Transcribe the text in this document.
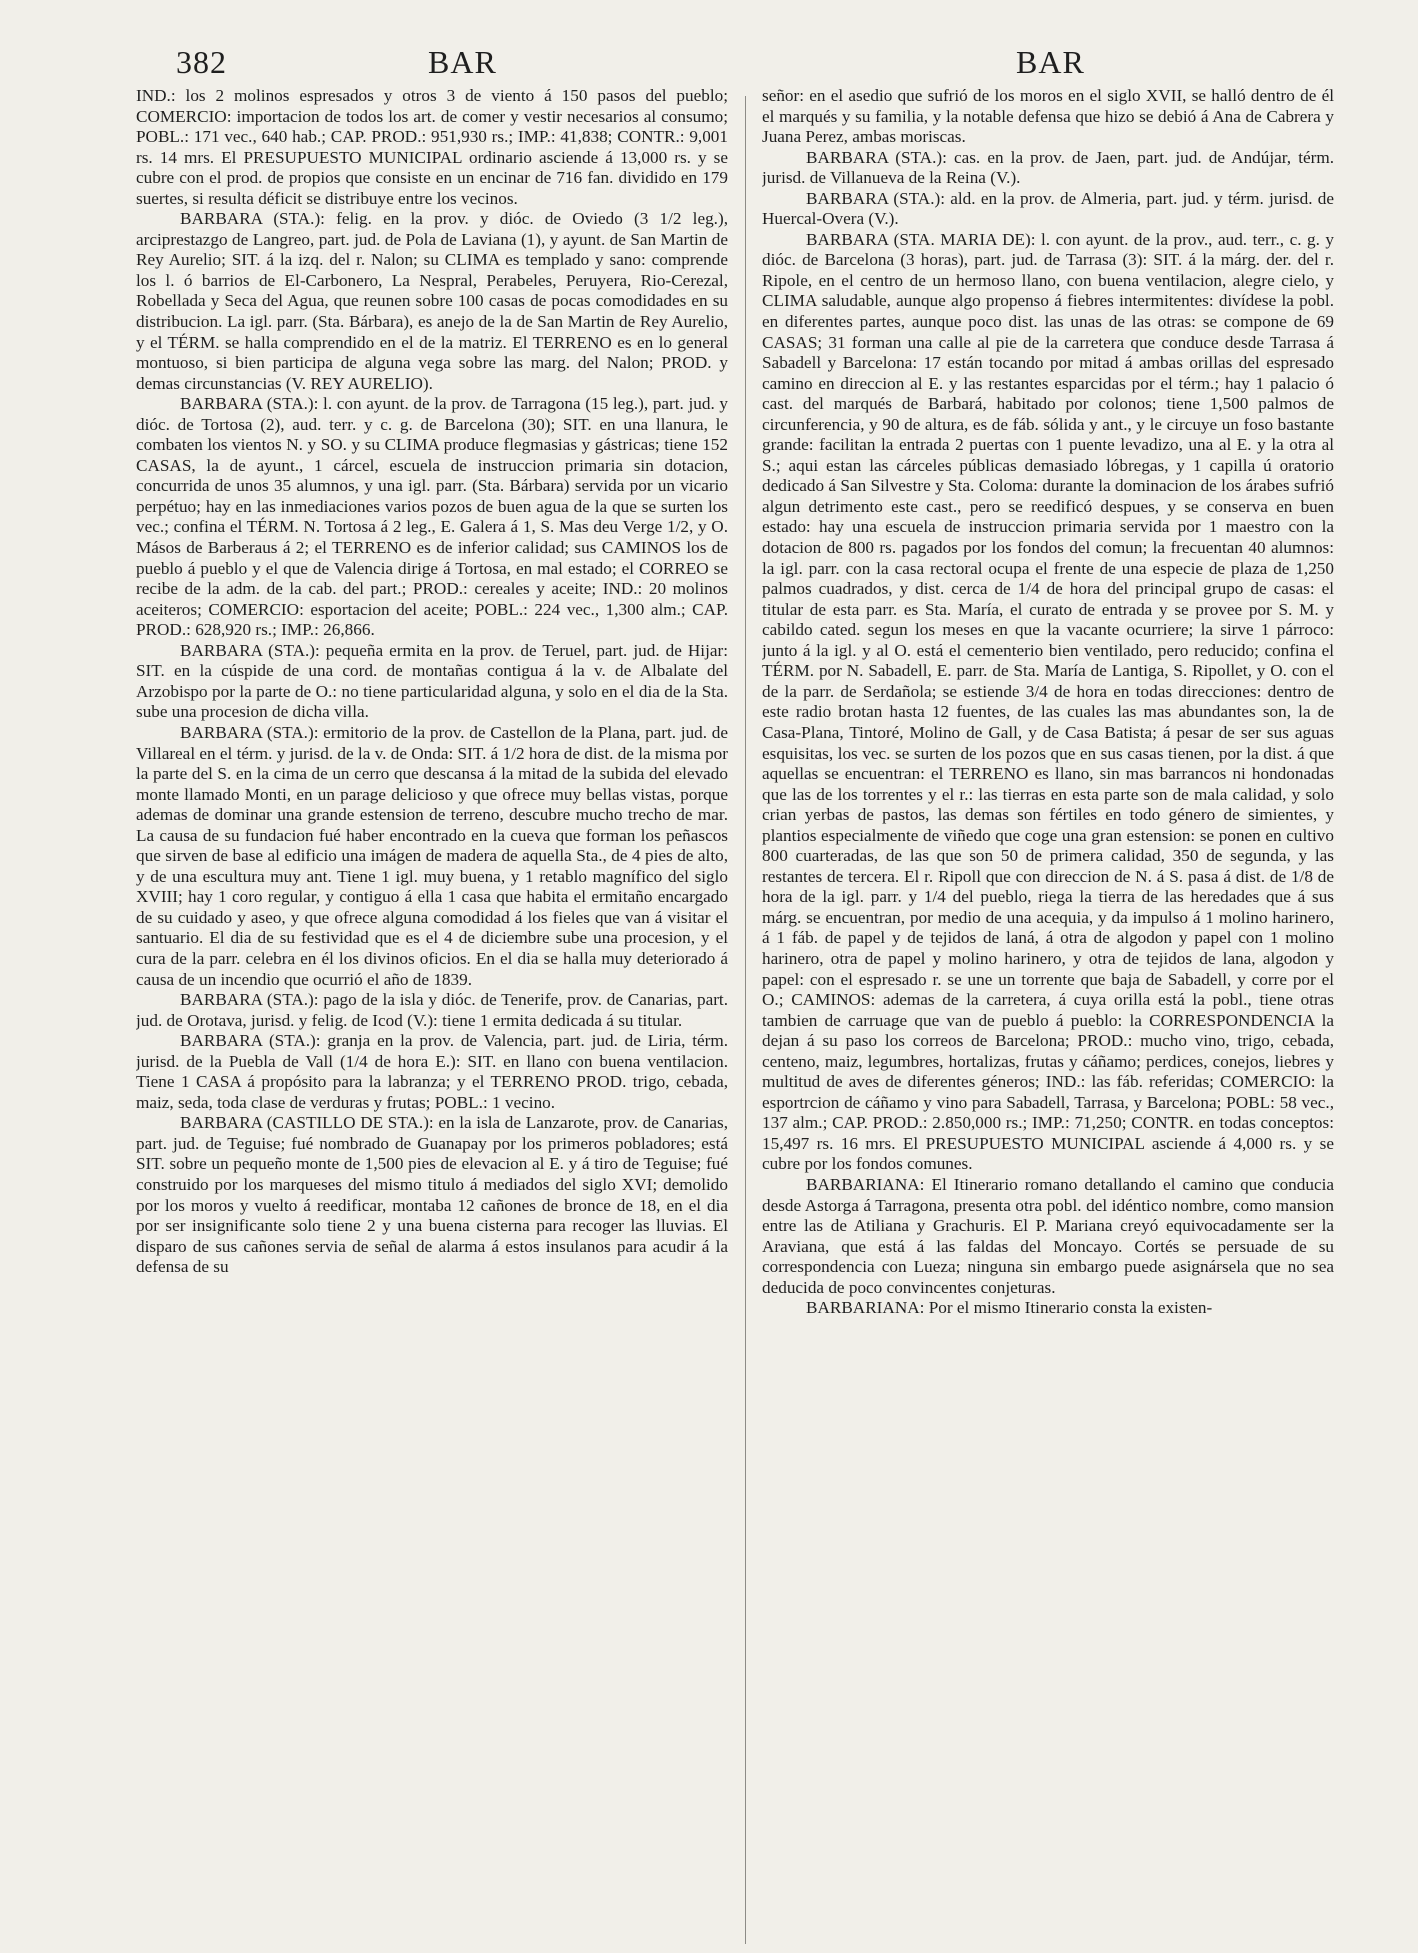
382	BAR	BAR

IND.: los 2 molinos espresados y otros 3 de viento á 150 pasos del pueblo; COMERCIO: importacion de todos los art. de comer y vestir necesarios al consumo; POBL.: 171 vec., 640 hab.; CAP. PROD.: 951,930 rs.; IMP.: 41,838; CONTR.: 9,001 rs. 14 mrs. El PRESUPUESTO MUNICIPAL ordinario asciende á 13,000 rs. y se cubre con el prod. de propios que consiste en un encinar de 716 fan. dividido en 179 suertes, si resulta déficit se distribuye entre los vecinos.

BARBARA (STA.): felig. en la prov. y dióc. de Oviedo (3 1/2 leg.), arciprestazgo de Langreo, part. jud. de Pola de Laviana (1), y ayunt. de San Martin de Rey Aurelio; SIT. á la izq. del r. Nalon; su CLIMA es templado y sano: comprende los l. ó barrios de El-Carbonero, La Nespral, Perabeles, Peruyera, Rio-Cerezal, Robellada y Seca del Agua, que reunen sobre 100 casas de pocas comodidades en su distribucion. La igl. parr. (Sta. Bárbara), es anejo de la de San Martin de Rey Aurelio, y el TÉRM. se halla comprendido en el de la matriz. El TERRENO es en lo general montuoso, si bien participa de alguna vega sobre las marg. del Nalon; PROD. y demas circunstancias (V. REY AURELIO).

BARBARA (STA.): l. con ayunt. de la prov. de Tarragona (15 leg.), part. jud. y dióc. de Tortosa (2), aud. terr. y c. g. de Barcelona (30); SIT. en una llanura, le combaten los vientos N. y SO. y su CLIMA produce flegmasias y gástricas; tiene 152 CASAS, la de ayunt., 1 cárcel, escuela de instruccion primaria sin dotacion, concurrida de unos 35 alumnos, y una igl. parr. (Sta. Bárbara) servida por un vicario perpétuo; hay en las inmediaciones varios pozos de buen agua de la que se surten los vec.; confina el TÉRM. N. Tortosa á 2 leg., E. Galera á 1, S. Mas deu Verge 1/2, y O. Másos de Barberaus á 2; el TERRENO es de inferior calidad; sus CAMINOS los de pueblo á pueblo y el que de Valencia dirige á Tortosa, en mal estado; el CORREO se recibe de la adm. de la cab. del part.; PROD.: cereales y aceite; IND.: 20 molinos aceiteros; COMERCIO: esportacion del aceite; POBL.: 224 vec., 1,300 alm.; CAP. PROD.: 628,920 rs.; IMP.: 26,866.

BARBARA (STA.): pequeña ermita en la prov. de Teruel, part. jud. de Hijar: SIT. en la cúspide de una cord. de montañas contigua á la v. de Albalate del Arzobispo por la parte de O.: no tiene particularidad alguna, y solo en el dia de la Sta. sube una procesion de dicha villa.

BARBARA (STA.): ermitorio de la prov. de Castellon de la Plana, part. jud. de Villareal en el térm. y jurisd. de la v. de Onda: SIT. á 1/2 hora de dist. de la misma por la parte del S. en la cima de un cerro que descansa á la mitad de la subida del elevado monte llamado Monti, en un parage delicioso y que ofrece muy bellas vistas, porque ademas de dominar una grande estension de terreno, descubre mucho trecho de mar. La causa de su fundacion fué haber encontrado en la cueva que forman los peñascos que sirven de base al edificio una imágen de madera de aquella Sta., de 4 pies de alto, y de una escultura muy ant. Tiene 1 igl. muy buena, y 1 retablo magnífico del siglo XVIII; hay 1 coro regular, y contiguo á ella 1 casa que habita el ermitaño encargado de su cuidado y aseo, y que ofrece alguna comodidad á los fieles que van á visitar el santuario. El dia de su festividad que es el 4 de diciembre sube una procesion, y el cura de la parr. celebra en él los divinos oficios. En el dia se halla muy deteriorado á causa de un incendio que ocurrió el año de 1839.

BARBARA (STA.): pago de la isla y dióc. de Tenerife, prov. de Canarias, part. jud. de Orotava, jurisd. y felig. de Icod (V.): tiene 1 ermita dedicada á su titular.

BARBARA (STA.): granja en la prov. de Valencia, part. jud. de Liria, térm. jurisd. de la Puebla de Vall (1/4 de hora E.): SIT. en llano con buena ventilacion. Tiene 1 CASA á propósito para la labranza; y el TERRENO PROD. trigo, cebada, maiz, seda, toda clase de verduras y frutas; POBL.: 1 vecino.

BARBARA (CASTILLO DE STA.): en la isla de Lanzarote, prov. de Canarias, part. jud. de Teguise; fué nombrado de Guanapay por los primeros pobladores; está SIT. sobre un pequeño monte de 1,500 pies de elevacion al E. y á tiro de Teguise; fué construido por los marqueses del mismo titulo á mediados del siglo XVI; demolido por los moros y vuelto á reedificar, montaba 12 cañones de bronce de 18, en el dia por ser insignificante solo tiene 2 y una buena cisterna para recoger las lluvias. El disparo de sus cañones servia de señal de alarma á estos insulanos para acudir á la defensa de su

señor: en el asedio que sufrió de los moros en el siglo XVII, se halló dentro de él el marqués y su familia, y la notable defensa que hizo se debió á Ana de Cabrera y Juana Perez, ambas moriscas.

BARBARA (STA.): cas. en la prov. de Jaen, part. jud. de Andújar, térm. jurisd. de Villanueva de la Reina (V.).

BARBARA (STA.): ald. en la prov. de Almeria, part. jud. y térm. jurisd. de Huercal-Overa (V.).

BARBARA (STA. MARIA DE): l. con ayunt. de la prov., aud. terr., c. g. y dióc. de Barcelona (3 horas), part. jud. de Tarrasa (3): SIT. á la márg. der. del r. Ripole, en el centro de un hermoso llano, con buena ventilacion, alegre cielo, y CLIMA saludable, aunque algo propenso á fiebres intermitentes: divídese la pobl. en diferentes partes, aunque poco dist. las unas de las otras: se compone de 69 CASAS; 31 forman una calle al pie de la carretera que conduce desde Tarrasa á Sabadell y Barcelona: 17 están tocando por mitad á ambas orillas del espresado camino en direccion al E. y las restantes esparcidas por el térm.; hay 1 palacio ó cast. del marqués de Barbará, habitado por colonos; tiene 1,500 palmos de circunferencia, y 90 de altura, es de fáb. sólida y ant., y le circuye un foso bastante grande: facilitan la entrada 2 puertas con 1 puente levadizo, una al E. y la otra al S.; aqui estan las cárceles públicas demasiado lóbregas, y 1 capilla ú oratorio dedicado á San Silvestre y Sta. Coloma: durante la dominacion de los árabes sufrió algun detrimento este cast., pero se reedificó despues, y se conserva en buen estado: hay una escuela de instruccion primaria servida por 1 maestro con la dotacion de 800 rs. pagados por los fondos del comun; la frecuentan 40 alumnos: la igl. parr. con la casa rectoral ocupa el frente de una especie de plaza de 1,250 palmos cuadrados, y dist. cerca de 1/4 de hora del principal grupo de casas: el titular de esta parr. es Sta. María, el curato de entrada y se provee por S. M. y cabildo cated. segun los meses en que la vacante ocurriere; la sirve 1 párroco: junto á la igl. y al O. está el cementerio bien ventilado, pero reducido; confina el TÉRM. por N. Sabadell, E. parr. de Sta. María de Lantiga, S. Ripollet, y O. con el de la parr. de Serdañola; se estiende 3/4 de hora en todas direcciones: dentro de este radio brotan hasta 12 fuentes, de las cuales las mas abundantes son, la de Casa-Plana, Tintoré, Molino de Gall, y de Casa Batista; á pesar de ser sus aguas esquisitas, los vec. se surten de los pozos que en sus casas tienen, por la dist. á que aquellas se encuentran: el TERRENO es llano, sin mas barrancos ni hondonadas que las de los torrentes y el r.: las tierras en esta parte son de mala calidad, y solo crian yerbas de pastos, las demas son fértiles en todo género de simientes, y plantios especialmente de viñedo que coge una gran estension: se ponen en cultivo 800 cuarteradas, de las que son 50 de primera calidad, 350 de segunda, y las restantes de tercera. El r. Ripoll que con direccion de N. á S. pasa á dist. de 1/8 de hora de la igl. parr. y 1/4 del pueblo, riega la tierra de las heredades que á sus márg. se encuentran, por medio de una acequia, y da impulso á 1 molino harinero, á 1 fáb. de papel y de tejidos de laná, á otra de algodon y papel con 1 molino harinero, otra de papel y molino harinero, y otra de tejidos de lana, algodon y papel: con el espresado r. se une un torrente que baja de Sabadell, y corre por el O.; CAMINOS: ademas de la carretera, á cuya orilla está la pobl., tiene otras tambien de carruage que van de pueblo á pueblo: la CORRESPONDENCIA la dejan á su paso los correos de Barcelona; PROD.: mucho vino, trigo, cebada, centeno, maiz, legumbres, hortalizas, frutas y cáñamo; perdices, conejos, liebres y multitud de aves de diferentes géneros; IND.: las fáb. referidas; COMERCIO: la esportrcion de cáñamo y vino para Sabadell, Tarrasa, y Barcelona; POBL: 58 vec., 137 alm.; CAP. PROD.: 2.850,000 rs.; IMP.: 71,250; CONTR. en todas conceptos: 15,497 rs. 16 mrs. El PRESUPUESTO MUNICIPAL asciende á 4,000 rs. y se cubre por los fondos comunes.

BARBARIANA: El Itinerario romano detallando el camino que conducia desde Astorga á Tarragona, presenta otra pobl. del idéntico nombre, como mansion entre las de Atiliana y Grachuris. El P. Mariana creyó equivocadamente ser la Araviana, que está á las faldas del Moncayo. Cortés se persuade de su correspondencia con Lueza; ninguna sin embargo puede asignársela que no sea deducida de poco convincentes conjeturas.

BARBARIANA: Por el mismo Itinerario consta la existen-
